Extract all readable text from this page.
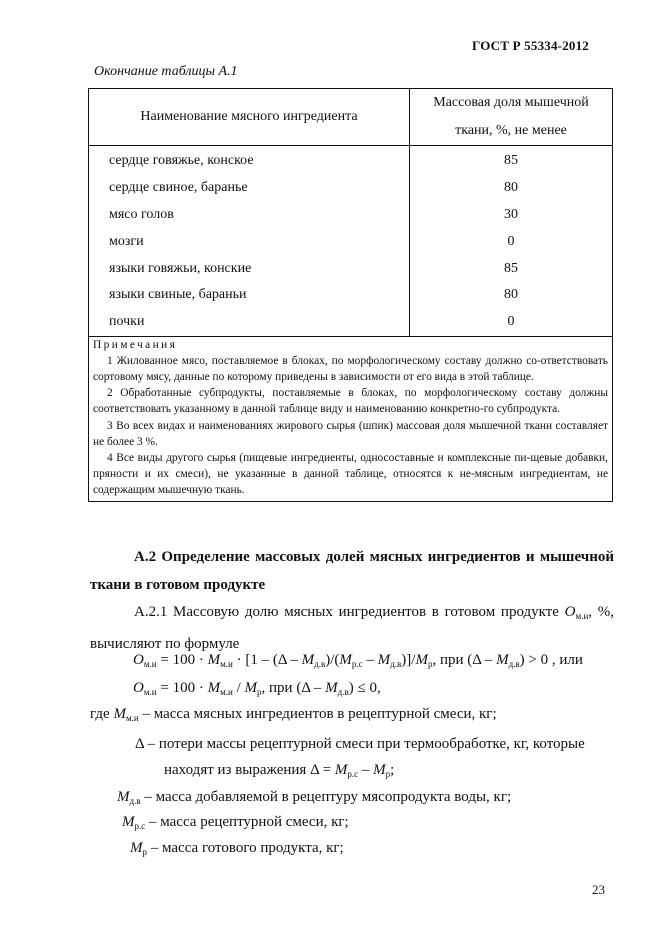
ГОСТ Р 55334-2012
Окончание таблицы А.1
Наименование мясного ингредиента	Массовая доля мышечной
ткани, %, не менее

сердце говяжье, конское	85
сердце свиное, баранье	80
мясо голов	30
мозги	0
языки говяжьи, конские	85
языки свиные, бараньи	80
почки	0

Примечания

1 Жилованное мясо, поставляемое в блоках, по морфологическому составу должно со-ответствовать сортовому мясу, данные по которому приведены в зависимости от его вида в этой таблице.

2 Обработанные субпродукты, поставляемые в блоках, по морфологическому составу должны соответствовать указанному в данной таблице виду и наименованию конкретно-го субпродукта.

3 Во всех видах и наименованиях жирового сырья (шпик) массовая доля мышечной ткани составляет не более 3 %.

4 Все виды другого сырья (пищевые ингредиенты, односоставные и комплексные пи-щевые добавки, пряности и их смеси), не указанные в данной таблице, относятся к не-мясным ингредиентам, не содержащим мышечную ткань.	

А.2 Определение массовых долей мясных ингредиентов и мышечной ткани в готовом продукте

А.2.1 Массовую долю мясных ингредиентов в готовом продукте $О_{м.и}$, %, вычисляют по формуле

$О_{м.и} = 100 \cdot М_{м.и} \cdot [1 - (\Delta - М_{д.в})/(М_{р.с} - М_{д.в})]/М_р$, при $(\Delta - М_{д.в}) > 0$ , или
$О_{м.и} = 100 \cdot М_{м.и} / М_р$, при $(\Delta - М_{д.в}) \le 0$,
где $М_{м.и}$ – масса мясных ингредиентов в рецептурной смеси, кг;
Δ – потери массы рецептурной смеси при термообработке, кг, которые
находят из выражения $\Delta = М_{р.с} - М_р$;
$М_{д.в}$ – масса добавляемой в рецептуру мясопродукта воды, кг;
$М_{р.с}$ – масса рецептурной смеси, кг;
$М_р$ – масса готового продукта, кг;
23
